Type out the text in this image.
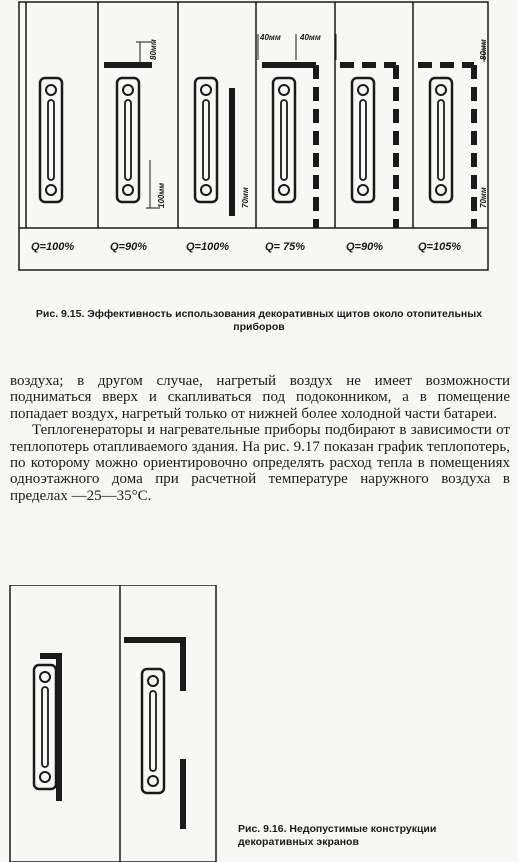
80мм
100мм	70мм
40мм 40мм
80мм
70мм
Q=100%	Q=90%	Q=100%	Q= 75%	Q=90%	Q=105%
Рис. 9.15. Эффективность использования декоративных щитов около отопительных приборов

воздуха; в другом случае, нагретый воздух не имеет возможности подниматься вверх и скапливаться под подоконником, а в помещение попадает воздух, нагретый только от нижней более холодной части батареи.

Теплогенераторы и нагревательные приборы подбирают в зависимости от теплопотерь отапливаемого здания. На рис. 9.17 показан график теплопотерь, по которому можно ориентировочно определять расход тепла в помещениях одноэтажного дома при расчетной температуре наружного воздуха в пределах —25—35°С.

Рис. 9.16. Недопустимые конструкции декоративных экранов
